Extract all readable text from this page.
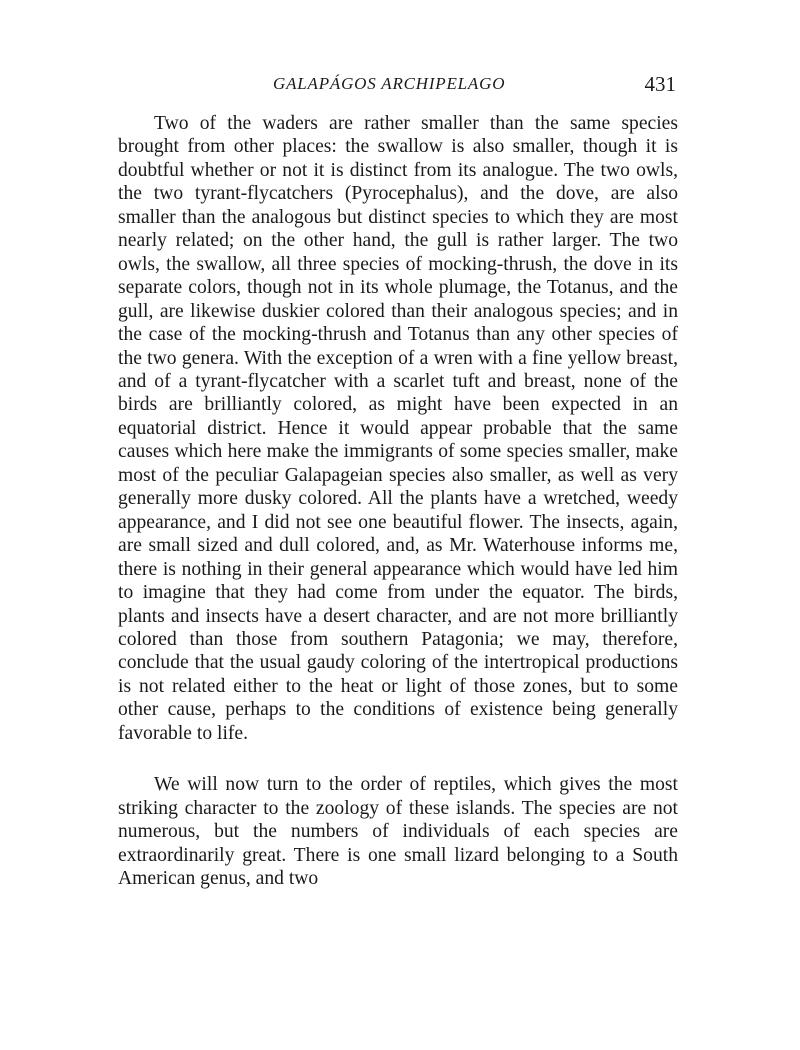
GALAPÁGOS ARCHIPELAGO	431

Two of the waders are rather smaller than the same species brought from other places: the swallow is also smaller, though it is doubtful whether or not it is distinct from its analogue. The two owls, the two tyrant-flycatchers (Pyrocephalus), and the dove, are also smaller than the analogous but distinct species to which they are most nearly related; on the other hand, the gull is rather larger. The two owls, the swallow, all three species of mocking-thrush, the dove in its separate colors, though not in its whole plumage, the Totanus, and the gull, are likewise duskier colored than their analogous species; and in the case of the mocking-thrush and Totanus than any other species of the two genera. With the exception of a wren with a fine yellow breast, and of a tyrant-flycatcher with a scarlet tuft and breast, none of the birds are brilliantly colored, as might have been expected in an equatorial district. Hence it would appear probable that the same causes which here make the immigrants of some species smaller, make most of the peculiar Galapageian species also smaller, as well as very generally more dusky colored. All the plants have a wretched, weedy appearance, and I did not see one beautiful flower. The insects, again, are small sized and dull colored, and, as Mr. Waterhouse informs me, there is nothing in their general appearance which would have led him to imagine that they had come from under the equator. The birds, plants and insects have a desert character, and are not more brilliantly colored than those from southern Patagonia; we may, therefore, conclude that the usual gaudy coloring of the intertropical productions is not related either to the heat or light of those zones, but to some other cause, perhaps to the conditions of existence being generally favorable to life.

We will now turn to the order of reptiles, which gives the most striking character to the zoology of these islands. The species are not numerous, but the numbers of individuals of each species are extraordinarily great. There is one small lizard belonging to a South American genus, and two
